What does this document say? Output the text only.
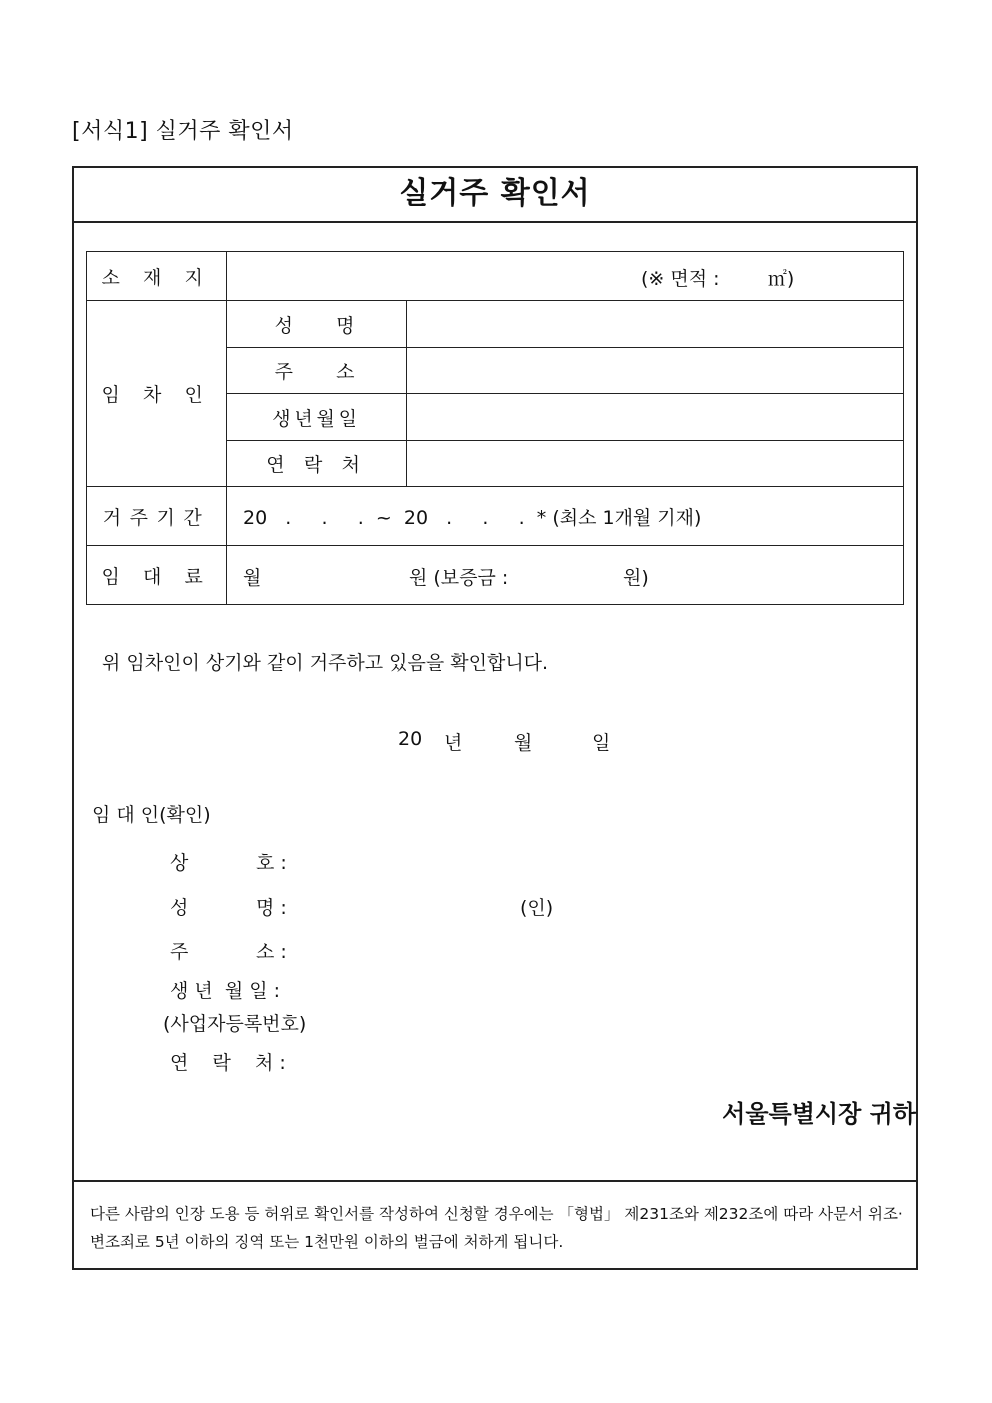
[서식1] 실거주 확인서
실거주 확인서
소 재 지	(※ 면적 :        ㎡)	

임 차 인	성    명	
	주    소	
	생년월일	
	연 락 처	
거주기간	20   .     .     .  ~  20   .     .     .  * (최소 1개월 기재)	
임 대 료	월 원 (보증금 : 원)	
위 임차인이 상기와 같이 거주하고 있음을 확인합니다.
20 년	월	일
임 대 인(확인)
상	호 :
성	명 :	(인)
주	소 :
생 년  월 일 :
(사업자등록번호)
연    락    처 :
서울특별시장 귀하
다른 사람의 인장 도용 등 허위로 확인서를 작성하여 신청할 경우에는 「형법」 제231조와 제232조에 따라 사문서 위조·
변조죄로 5년 이하의 징역 또는 1천만원 이하의 벌금에 처하게 됩니다.
